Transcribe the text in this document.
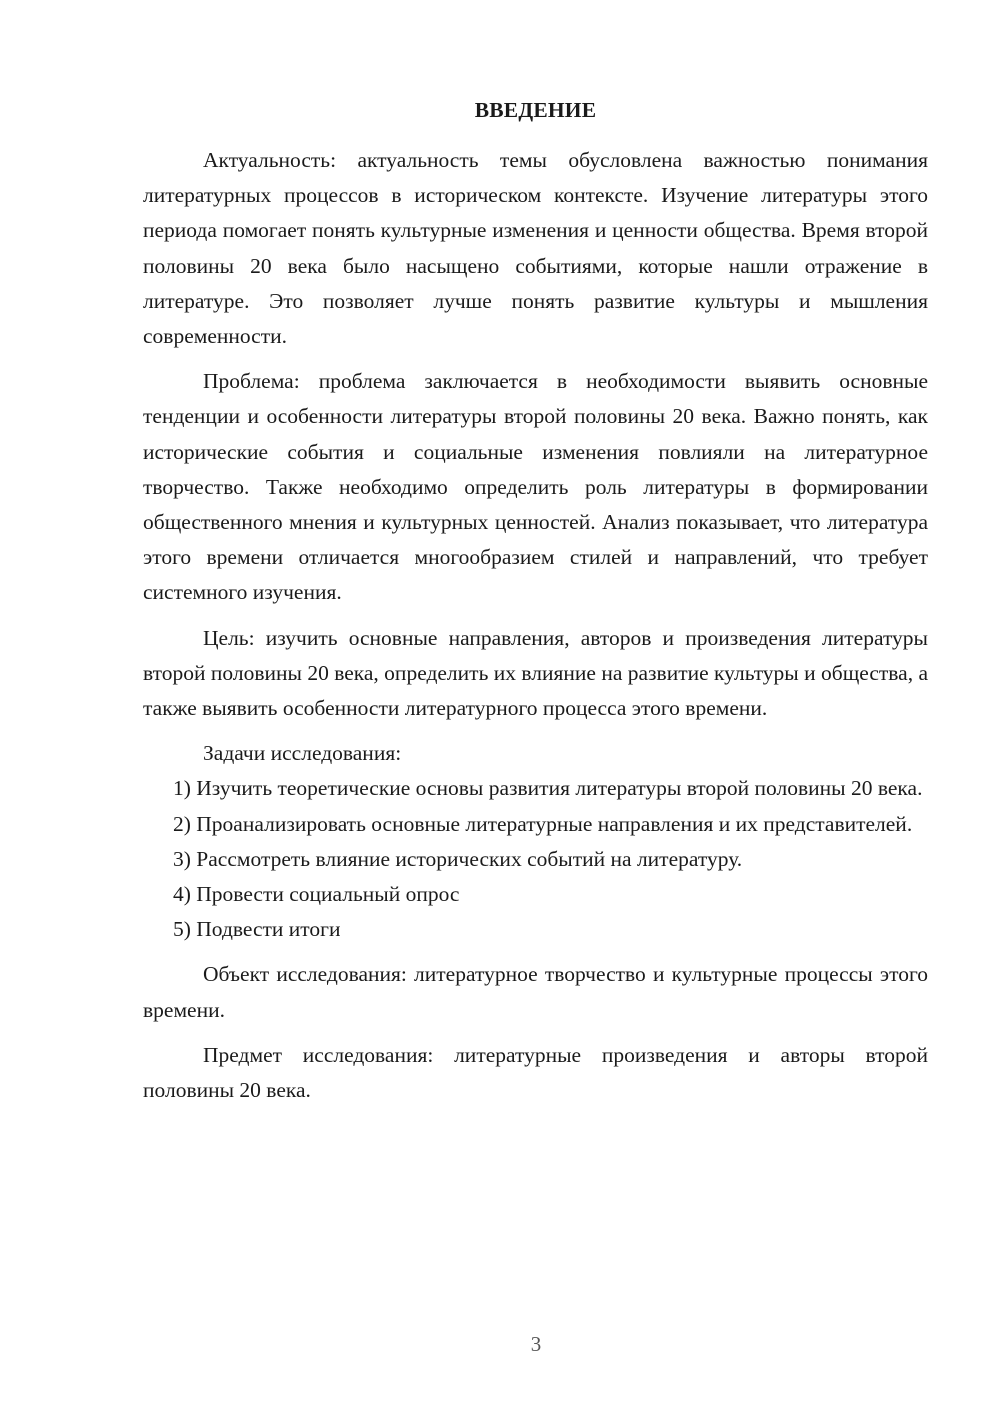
ВВЕДЕНИЕ

Актуальность: актуальность темы обусловлена важностью понимания литературных процессов в историческом контексте. Изучение литературы этого периода помогает понять культурные изменения и ценности общества. Время второй половины 20 века было насыщено событиями, которые нашли отражение в литературе. Это позволяет лучше понять развитие культуры и мышления современности.

Проблема: проблема заключается в необходимости выявить основные тенденции и особенности литературы второй половины 20 века. Важно понять, как исторические события и социальные изменения повлияли на литературное творчество. Также необходимо определить роль литературы в формировании общественного мнения и культурных ценностей. Анализ показывает, что литература этого времени отличается многообразием стилей и направлений, что требует системного изучения.

Цель: изучить основные направления, авторов и произведения литературы второй половины 20 века, определить их влияние на развитие культуры и общества, а также выявить особенности литературного процесса этого времени.

Задачи исследования:

1) Изучить теоретические основы развития литературы второй половины 20 века.

2) Проанализировать основные литературные направления и их представителей.

3) Рассмотреть влияние исторических событий на литературу.

4) Провести социальный опрос

5) Подвести итоги

Объект исследования: литературное творчество и культурные процессы этого времени.

Предмет исследования: литературные произведения и авторы второй половины 20 века.

3
